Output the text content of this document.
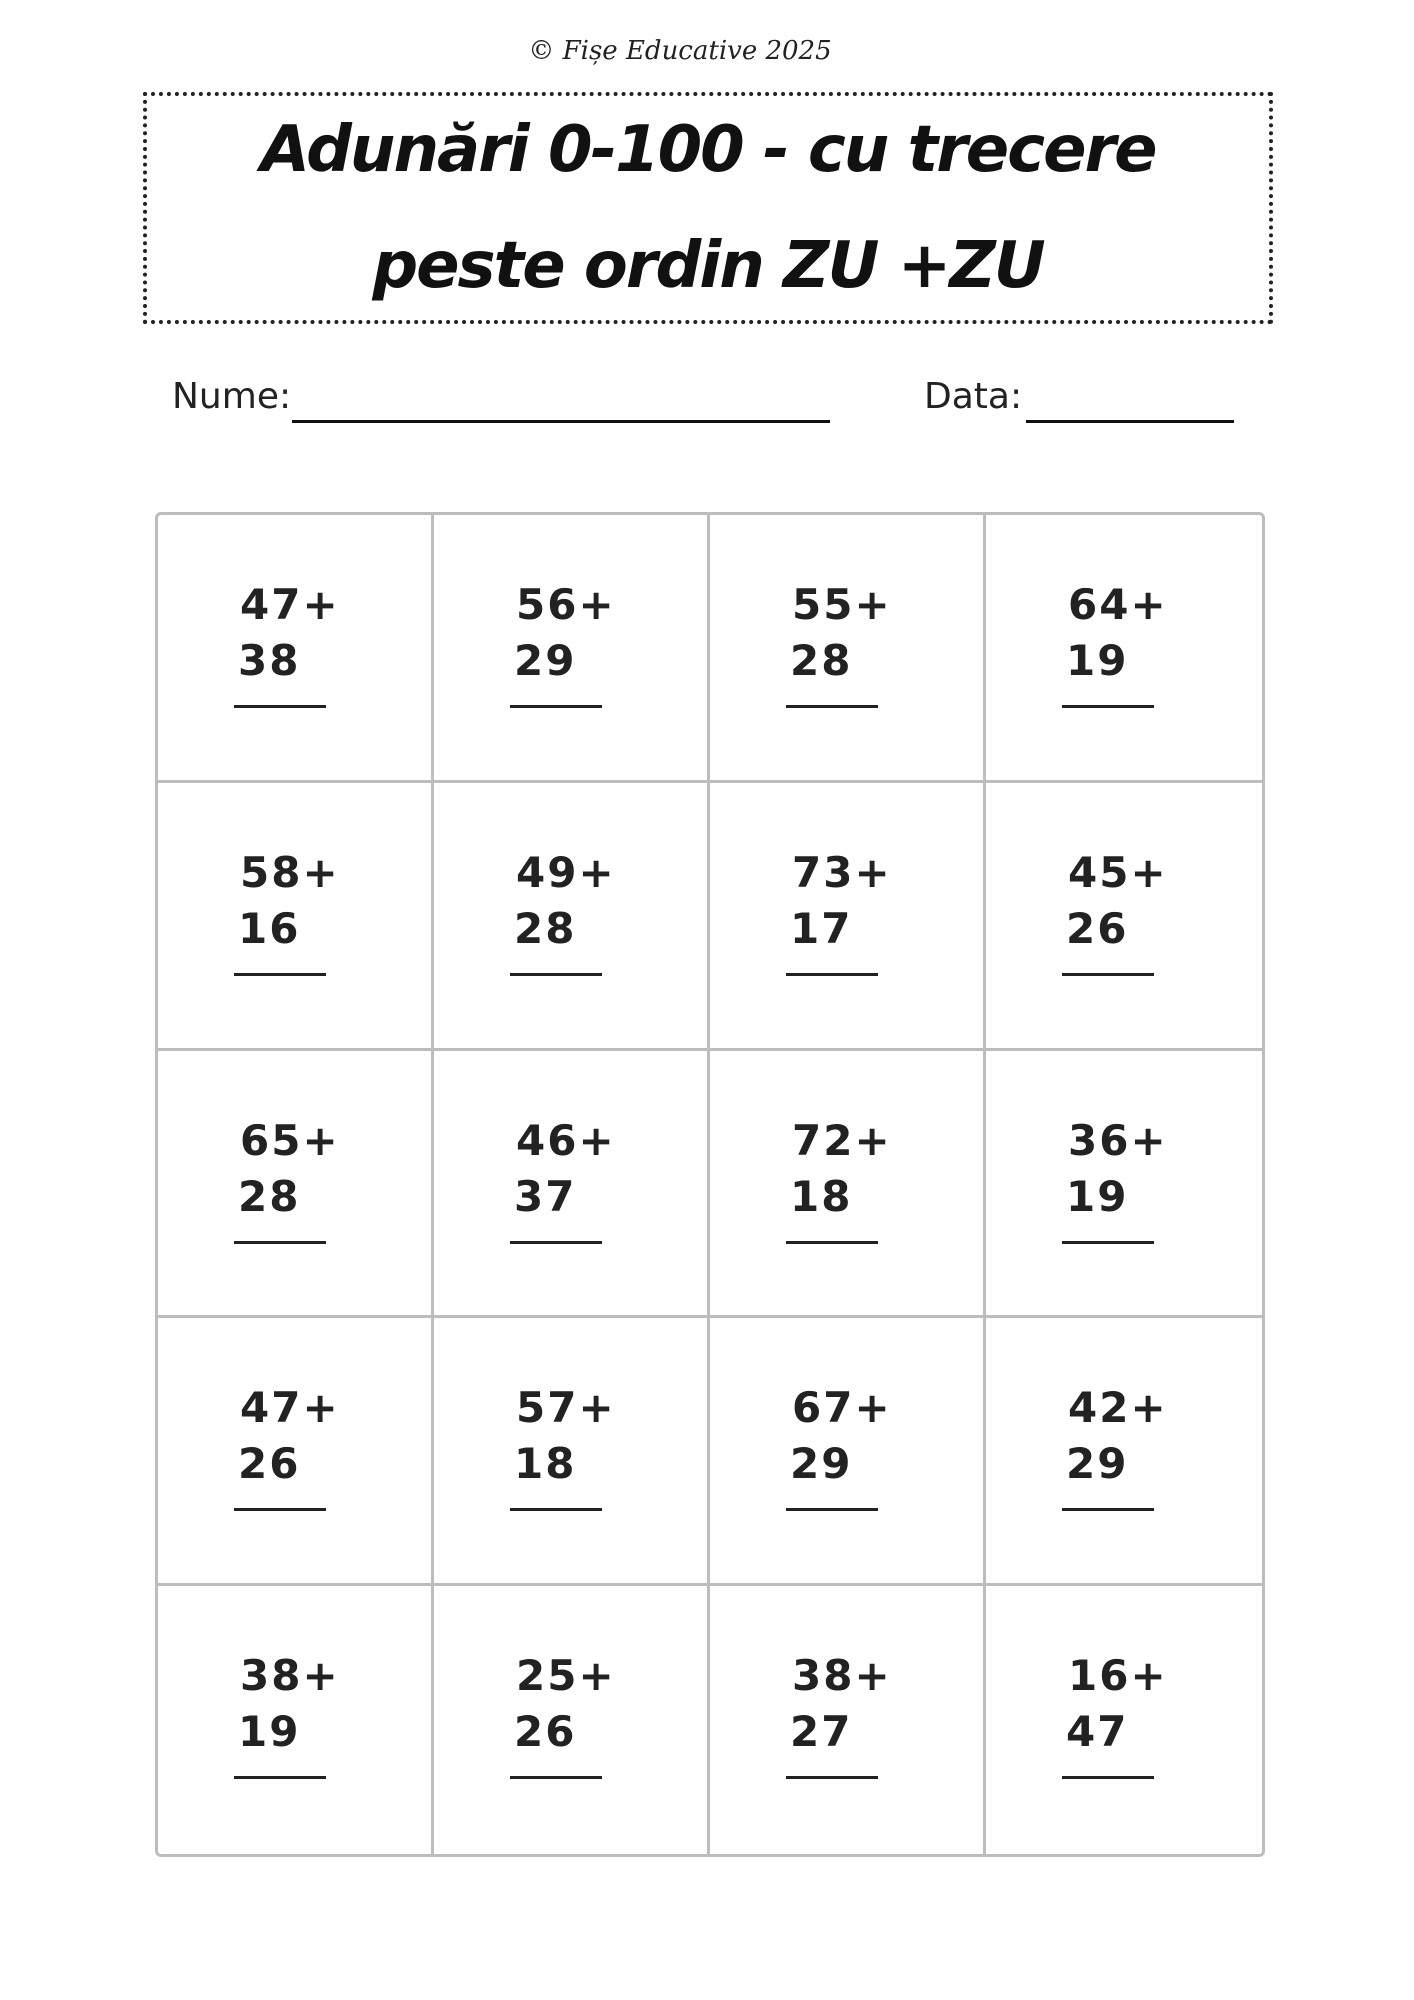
© Fișe Educative 2025
Adunări 0-100 - cu trecere peste ordin ZU +ZU
Nume:	Data:
47+
38
56+
29
55+
28
64+
19
58+
16
49+
28
73+
17
45+
26
65+
28
46+
37
72+
18
36+
19
47+
26
57+
18
67+
29
42+
29
38+
19
25+
26
38+
27
16+
47
